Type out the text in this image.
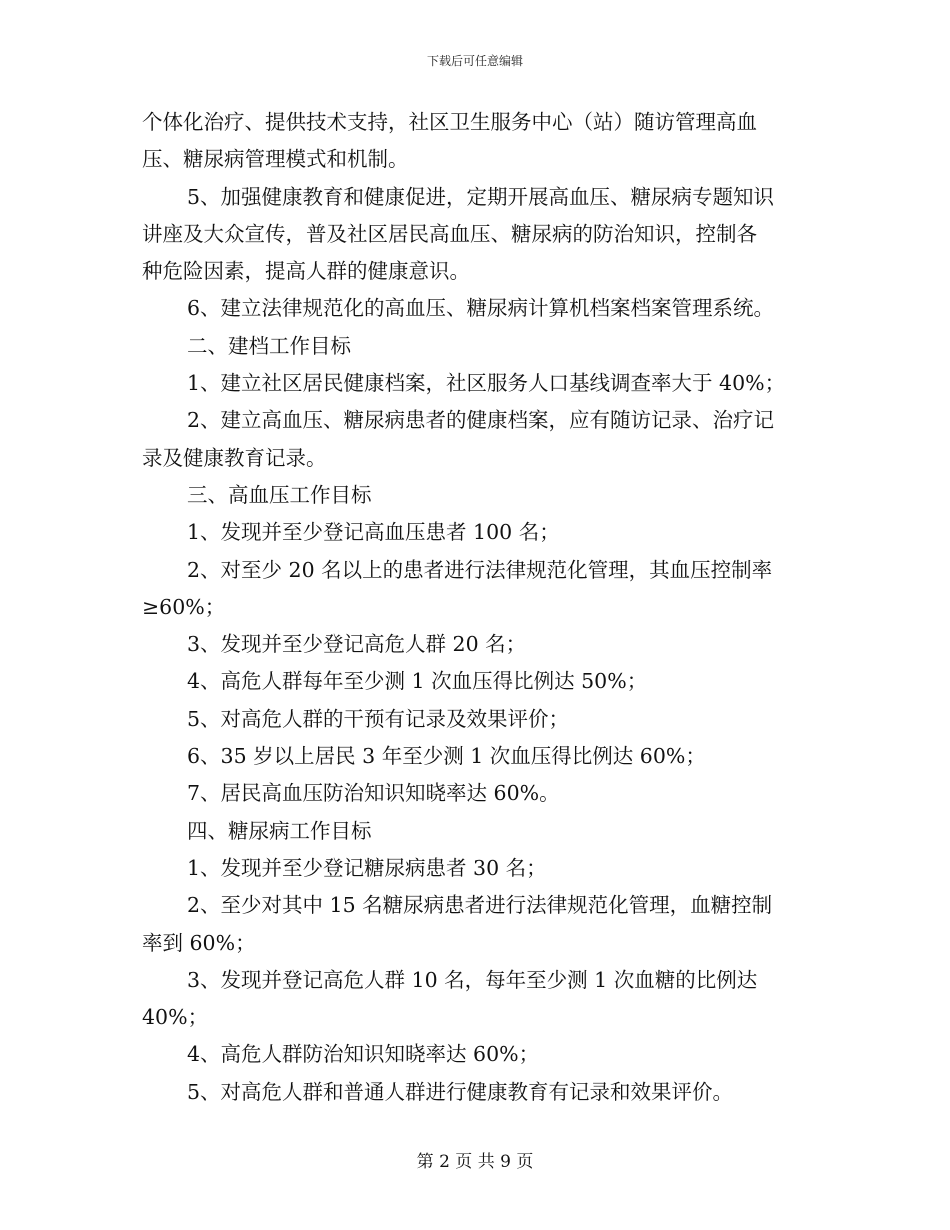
下载后可任意编辑
个体化治疗、提供技术支持，社区卫生服务中心（站）随访管理高血
压、糖尿病管理模式和机制。
5、加强健康教育和健康促进，定期开展高血压、糖尿病专题知识
讲座及大众宣传，普及社区居民高血压、糖尿病的防治知识，控制各
种危险因素，提高人群的健康意识。
6、建立法律规范化的高血压、糖尿病计算机档案档案管理系统。
二、建档工作目标
1、建立社区居民健康档案，社区服务人口基线调查率大于 40%；
2、建立高血压、糖尿病患者的健康档案，应有随访记录、治疗记
录及健康教育记录。
三、高血压工作目标
1、发现并至少登记高血压患者 100 名；
2、对至少 20 名以上的患者进行法律规范化管理，其血压控制率
≥60%；
3、发现并至少登记高危人群 20 名；
4、高危人群每年至少测 1 次血压得比例达 50%；
5、对高危人群的干预有记录及效果评价；
6、35 岁以上居民 3 年至少测 1 次血压得比例达 60%；
7、居民高血压防治知识知晓率达 60%。
四、糖尿病工作目标
1、发现并至少登记糖尿病患者 30 名；
2、至少对其中 15 名糖尿病患者进行法律规范化管理，血糖控制
率到 60%；
3、发现并登记高危人群 10 名，每年至少测 1 次血糖的比例达
40%；
4、高危人群防治知识知晓率达 60%；
5、对高危人群和普通人群进行健康教育有记录和效果评价。
第 2 页 共 9 页
